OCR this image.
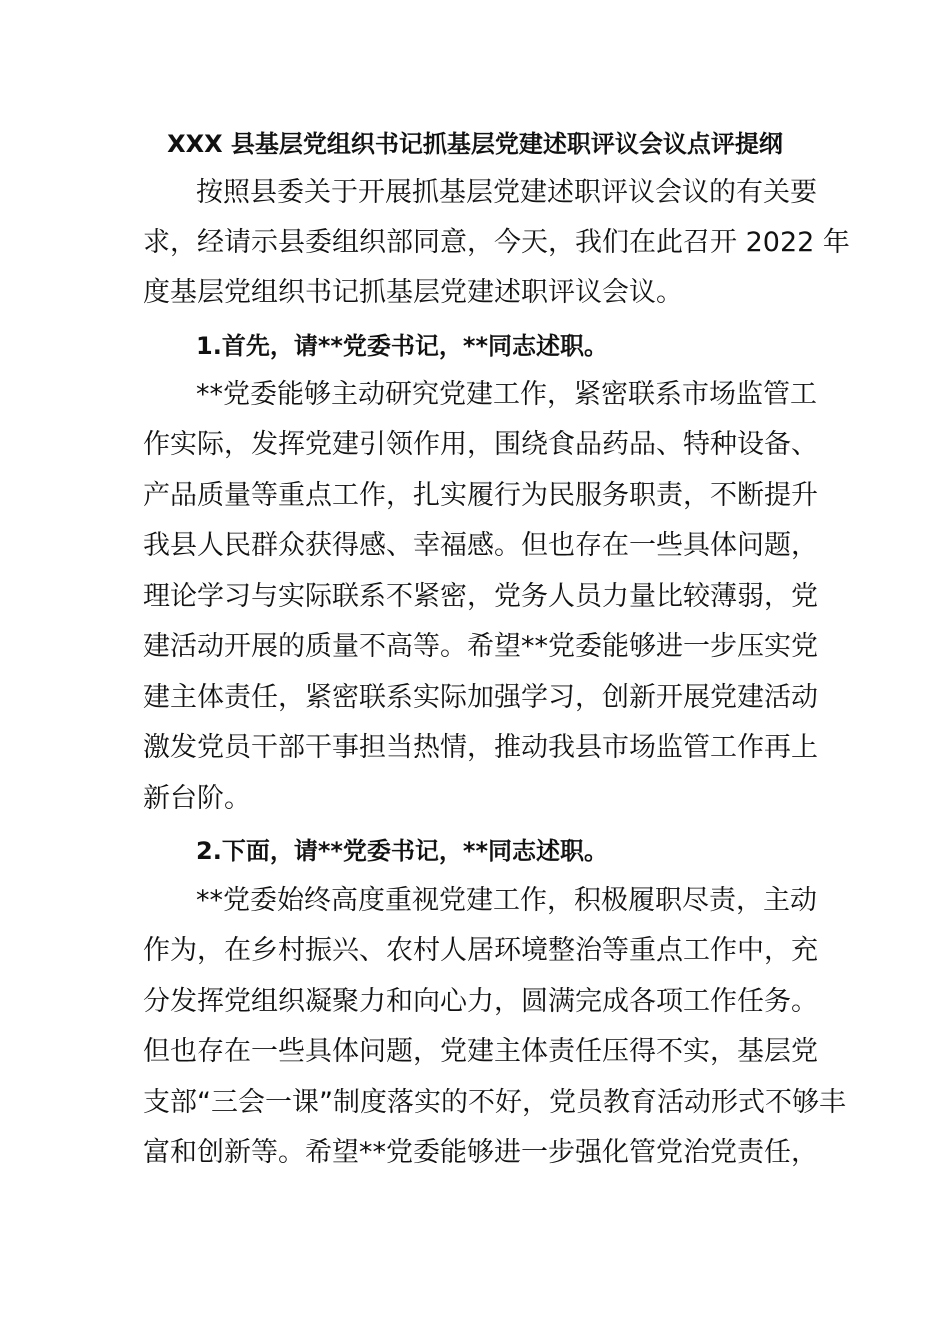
XXX 县基层党组织书记抓基层党建述职评议会议点评提纲
按照县委关于开展抓基层党建述职评议会议的有关要
求，经请示县委组织部同意，今天，我们在此召开 2022 年
度基层党组织书记抓基层党建述职评议会议。
1.首先，请**党委书记，**同志述职。
**党委能够主动研究党建工作，紧密联系市场监管工
作实际，发挥党建引领作用，围绕食品药品、特种设备、
产品质量等重点工作，扎实履行为民服务职责，不断提升
我县人民群众获得感、幸福感。但也存在一些具体问题，
理论学习与实际联系不紧密，党务人员力量比较薄弱，党
建活动开展的质量不高等。希望**党委能够进一步压实党
建主体责任，紧密联系实际加强学习，创新开展党建活动
激发党员干部干事担当热情，推动我县市场监管工作再上
新台阶。
2.下面，请**党委书记，**同志述职。
**党委始终高度重视党建工作，积极履职尽责，主动
作为，在乡村振兴、农村人居环境整治等重点工作中，充
分发挥党组织凝聚力和向心力，圆满完成各项工作任务。
但也存在一些具体问题，党建主体责任压得不实，基层党
支部“三会一课”制度落实的不好，党员教育活动形式不够丰
富和创新等。希望**党委能够进一步强化管党治党责任，
